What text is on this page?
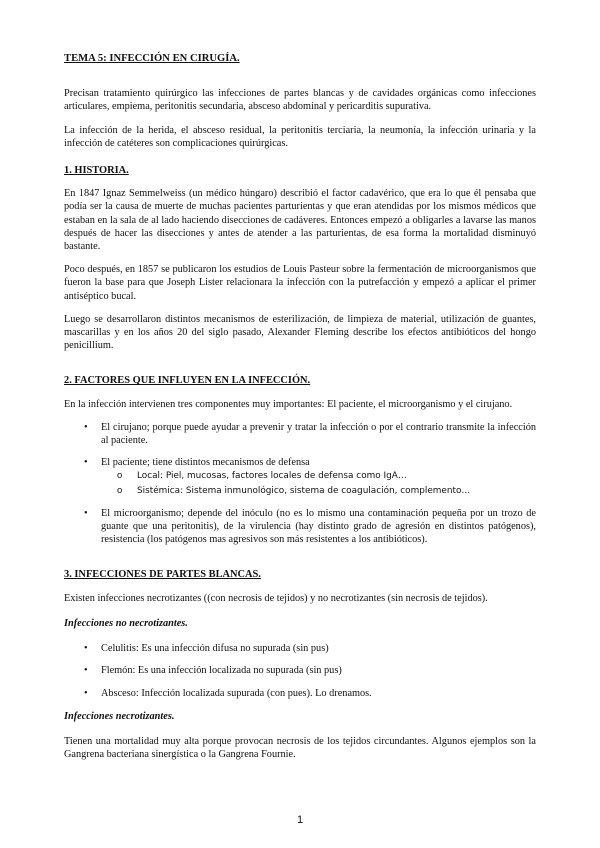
TEMA 5: INFECCIÓN EN CIRUGÍA.

Precisan tratamiento quirúrgico las infecciones de partes blancas y de cavidades orgánicas como infecciones articulares, empiema, peritonitis secundaria, absceso abdominal y pericarditis supurativa.

La infección de la herida, el absceso residual, la peritonitis terciaria, la neumonía, la infección urinaria y la infección de catéteres son complicaciones quirúrgicas.

1. HISTORIA.

En 1847 Ignaz Semmelweiss (un médico húngaro) describió el factor cadavérico, que era lo que él pensaba que podía ser la causa de muerte de muchas pacientes parturientas y que eran atendidas por los mismos médicos que estaban en la sala de al lado haciendo disecciones de cadáveres. Entonces empezó a obligarles a lavarse las manos después de hacer las disecciones y antes de atender a las parturientas, de esa forma la mortalidad disminuyó bastante.

Poco después, en 1857 se publicaron los estudios de Louis Pasteur sobre la fermentación de microorganismos que fueron la base para que Joseph Lister relacionara la infección con la putrefacción y empezó a aplicar el primer antiséptico bucal.

Luego se desarrollaron distintos mecanismos de esterilización, de limpieza de material, utilización de guantes, mascarillas y en los años 20 del siglo pasado, Alexander Fleming describe los efectos antibióticos del hongo penicillium.

2. FACTORES QUE INFLUYEN EN LA INFECCIÓN.

En la infección intervienen tres componentes muy importantes: El paciente, el microorganismo y el cirujano.

• El cirujano; porque puede ayudar a prevenir y tratar la infección o por el contrario transmite la infección al paciente.
• El paciente; tiene distintos mecanismos de defensa
o Local: Piel, mucosas, factores locales de defensa como IgA…
o Sistémica: Sistema inmunológico, sistema de coagulación, complemento…
• El microorganismo; depende del inóculo (no es lo mismo una contaminación pequeña por un trozo de guante que una peritonitis), de la virulencia (hay distinto grado de agresión en distintos patógenos), resistencia (los patógenos mas agresivos son más resistentes a los antibióticos).
3. INFECCIONES DE PARTES BLANCAS.

Existen infecciones necrotizantes ((con necrosis de tejidos) y no necrotizantes (sin necrosis de tejidos).

Infecciones no necrotizantes.
• Celulitis: Es una infección difusa no supurada (sin pus)
• Flemón: Es una infección localizada no supurada (sin pus)
• Absceso: Infección localizada supurada (con pues). Lo drenamos.
Infecciones necrotizantes.

Tienen una mortalidad muy alta porque provocan necrosis de los tejidos circundantes. Algunos ejemplos son la Gangrena bacteriana sinergística o la Gangrena Fournie.

1
